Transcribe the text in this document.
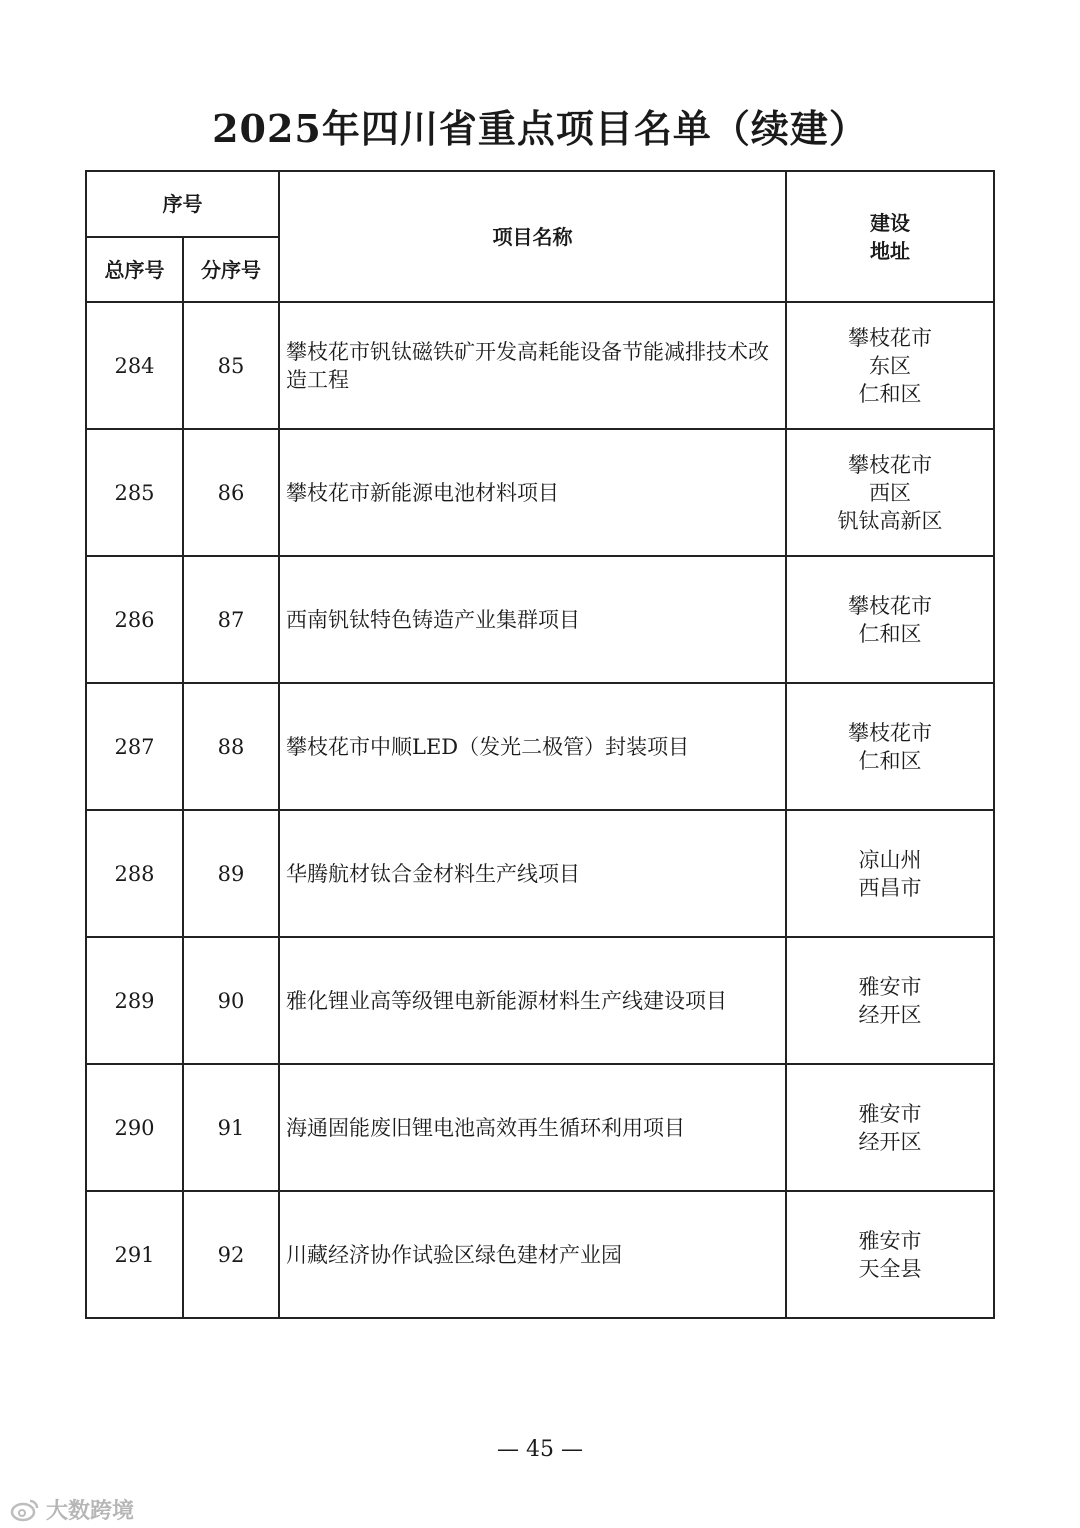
2025年四川省重点项目名单（续建）
序号		项目名称	建设
地址

总序号	分序号		
284	85	攀枝花市钒钛磁铁矿开发高耗能设备节能减排技术改造工程	攀枝花市
东区
仁和区

285	86	攀枝花市新能源电池材料项目	攀枝花市
西区
钒钛高新区

286	87	西南钒钛特色铸造产业集群项目	攀枝花市
仁和区

287	88	攀枝花市中顺LED（发光二极管）封装项目	攀枝花市
仁和区

288	89	华腾航材钛合金材料生产线项目	凉山州
西昌市

289	90	雅化锂业高等级锂电新能源材料生产线建设项目	雅安市
经开区

290	91	海通固能废旧锂电池高效再生循环利用项目	雅安市
经开区

291	92	川藏经济协作试验区绿色建材产业园	雅安市
天全县
— 45 —
大数跨境
